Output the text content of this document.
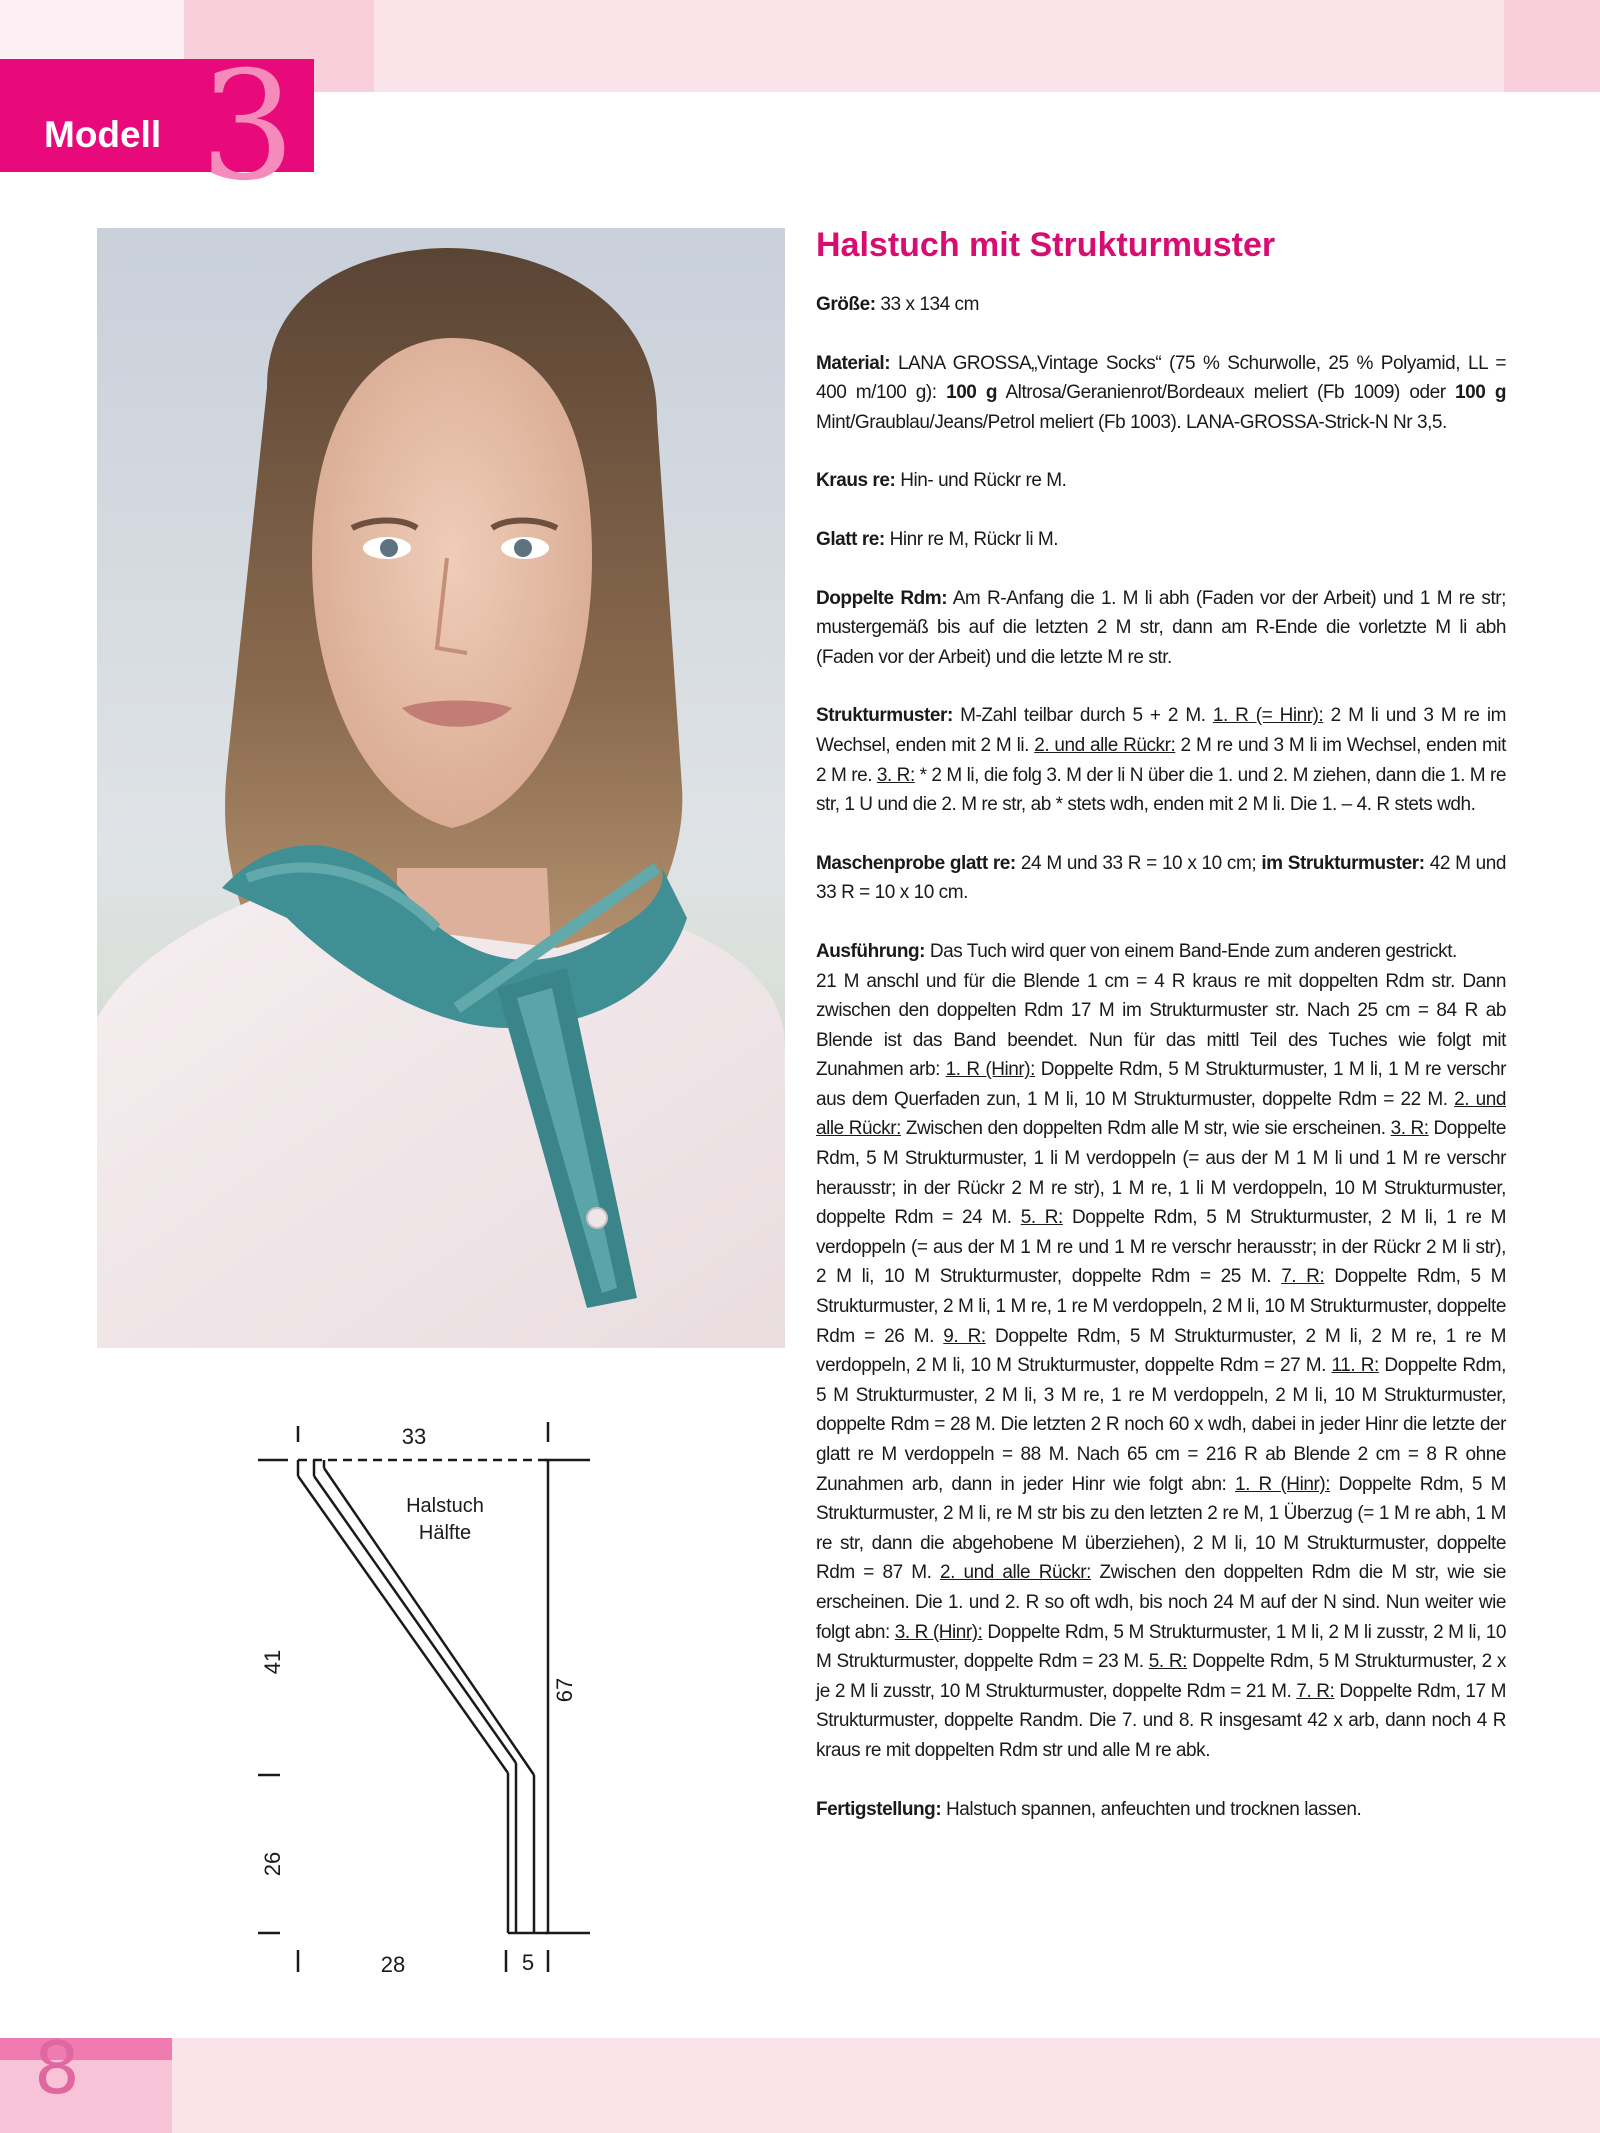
Modell 3
33
Halstuch
Hälfte
41
26
67
28	5
Halstuch mit Strukturmuster

Größe: 33 x 134 cm

Material: LANA GROSSA„Vintage Socks“ (75 % Schurwolle, 25 % Polyamid, LL = 400 m/100 g): 100 g Altrosa/Geranienrot/Bordeaux meliert (Fb 1009) oder 100 g Mint/Graublau/Jeans/Petrol meliert (Fb 1003). LANA-GROSSA-Strick-N Nr 3,5.

Kraus re: Hin- und Rückr re M.

Glatt re: Hinr re M, Rückr li M.

Doppelte Rdm: Am R-Anfang die 1. M li abh (Faden vor der Arbeit) und 1 M re str; mustergemäß bis auf die letzten 2 M str, dann am R-Ende die vorletzte M li abh (Faden vor der Arbeit) und die letzte M re str.

Strukturmuster: M-Zahl teilbar durch 5 + 2 M. 1. R (= Hinr): 2 M li und 3 M re im Wechsel, enden mit 2 M li. 2. und alle Rückr: 2 M re und 3 M li im Wechsel, enden mit 2 M re. 3. R: * 2 M li, die folg 3. M der li N über die 1. und 2. M ziehen, dann die 1. M re str, 1 U und die 2. M re str, ab * stets wdh, enden mit 2 M li. Die 1. – 4. R stets wdh.

Maschenprobe glatt re: 24 M und 33 R = 10 x 10 cm; im Strukturmuster: 42 M und 33 R = 10 x 10 cm.

Ausführung: Das Tuch wird quer von einem Band-Ende zum anderen gestrickt.
21 M anschl und für die Blende 1 cm = 4 R kraus re mit doppelten Rdm str. Dann zwischen den doppelten Rdm 17 M im Strukturmuster str. Nach 25 cm = 84 R ab Blende ist das Band beendet. Nun für das mittl Teil des Tuches wie folgt mit Zunahmen arb: 1. R (Hinr): Doppelte Rdm, 5 M Strukturmuster, 1 M li, 1 M re verschr aus dem Querfaden zun, 1 M li, 10 M Strukturmuster, doppelte Rdm = 22 M. 2. und alle Rückr: Zwischen den doppelten Rdm alle M str, wie sie erscheinen. 3. R: Doppelte Rdm, 5 M Strukturmuster, 1 li M verdoppeln (= aus der M 1 M li und 1 M re verschr herausstr; in der Rückr 2 M re str), 1 M re, 1 li M verdoppeln, 10 M Strukturmuster, doppelte Rdm = 24 M. 5. R: Doppelte Rdm, 5 M Strukturmuster, 2 M li, 1 re M verdoppeln (= aus der M 1 M re und 1 M re verschr herausstr; in der Rückr 2 M li str), 2 M li, 10 M Strukturmuster, doppelte Rdm = 25 M. 7. R: Doppelte Rdm, 5 M Strukturmuster, 2 M li, 1 M re, 1 re M verdoppeln, 2 M li, 10 M Strukturmuster, doppelte Rdm = 26 M. 9. R: Doppelte Rdm, 5 M Strukturmuster, 2 M li, 2 M re, 1 re M verdoppeln, 2 M li, 10 M Strukturmuster, doppelte Rdm = 27 M. 11. R: Doppelte Rdm, 5 M Strukturmuster, 2 M li, 3 M re, 1 re M verdoppeln, 2 M li, 10 M Strukturmuster, doppelte Rdm = 28 M. Die letzten 2 R noch 60 x wdh, dabei in jeder Hinr die letzte der glatt re M verdoppeln = 88 M. Nach 65 cm = 216 R ab Blende 2 cm = 8 R ohne Zunahmen arb, dann in jeder Hinr wie folgt abn: 1. R (Hinr): Doppelte Rdm, 5 M Strukturmuster, 2 M li, re M str bis zu den letzten 2 re M, 1 Überzug (= 1 M re abh, 1 M re str, dann die abgehobene M überziehen), 2 M li, 10 M Strukturmuster, doppelte Rdm = 87 M. 2. und alle Rückr: Zwischen den doppelten Rdm die M str, wie sie erscheinen. Die 1. und 2. R so oft wdh, bis noch 24 M auf der N sind. Nun weiter wie folgt abn: 3. R (Hinr): Doppelte Rdm, 5 M Strukturmuster, 1 M li, 2 M li zusstr, 2 M li, 10 M Strukturmuster, doppelte Rdm = 23 M. 5. R: Doppelte Rdm, 5 M Strukturmuster, 2 x je 2 M li zusstr, 10 M Strukturmuster, doppelte Rdm = 21 M. 7. R: Doppelte Rdm, 17 M Strukturmuster, doppelte Randm. Die 7. und 8. R insgesamt 42 x arb, dann noch 4 R kraus re mit doppelten Rdm str und alle M re abk.

Fertigstellung: Halstuch spannen, anfeuchten und trocknen lassen.

8
